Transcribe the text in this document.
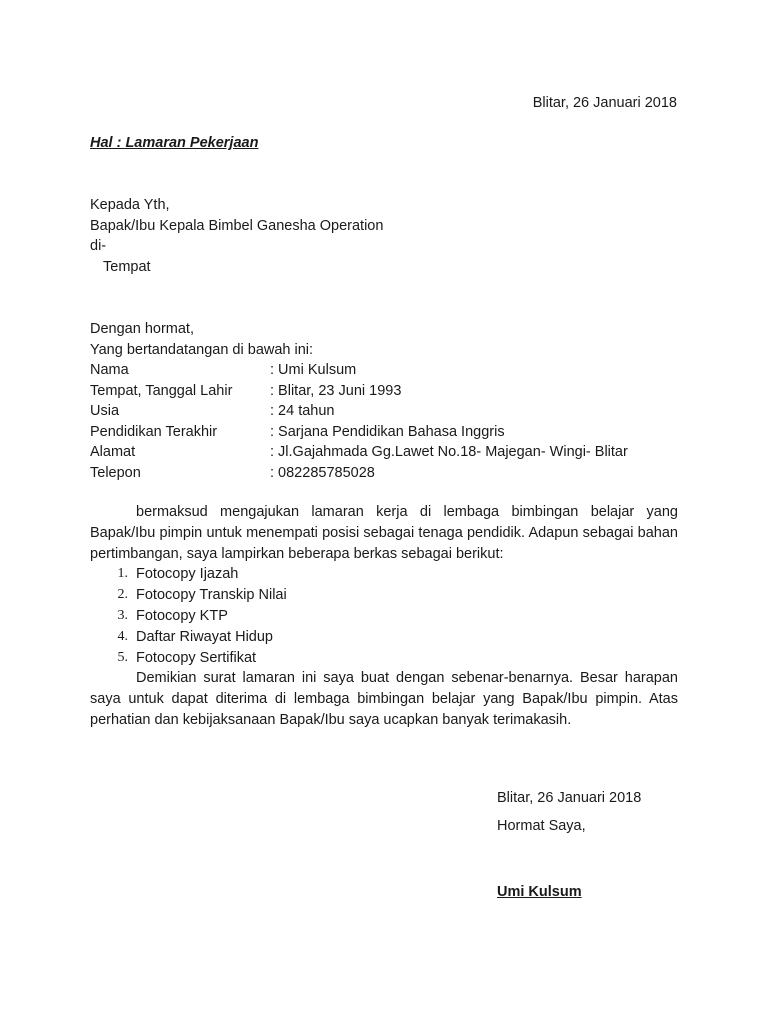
Blitar, 26 Januari 2018
Hal : Lamaran Pekerjaan
Kepada Yth,
Bapak/Ibu Kepala Bimbel Ganesha Operation
di-
Tempat
Dengan hormat,
Yang bertandatangan di bawah ini:
Nama	: Umi Kulsum
Tempat, Tanggal Lahir	: Blitar, 23 Juni 1993
Usia	: 24 tahun
Pendidikan Terakhir	: Sarjana Pendidikan Bahasa Inggris
Alamat	: Jl.Gajahmada Gg.Lawet No.18- Majegan- Wingi- Blitar
Telepon	: 082285785028
bermaksud mengajukan lamaran kerja di lembaga bimbingan belajar yang Bapak/Ibu pimpin untuk menempati posisi sebagai tenaga pendidik. Adapun sebagai bahan pertimbangan, saya lampirkan beberapa berkas sebagai berikut:
1. Fotocopy Ijazah
2. Fotocopy Transkip Nilai
3. Fotocopy KTP
4. Daftar Riwayat Hidup
5. Fotocopy Sertifikat
Demikian surat lamaran ini saya buat dengan sebenar-benarnya. Besar harapan saya untuk dapat diterima di lembaga bimbingan belajar yang Bapak/Ibu pimpin. Atas perhatian dan kebijaksanaan Bapak/Ibu saya ucapkan banyak terimakasih.
Blitar, 26 Januari 2018
Hormat Saya,
Umi Kulsum
